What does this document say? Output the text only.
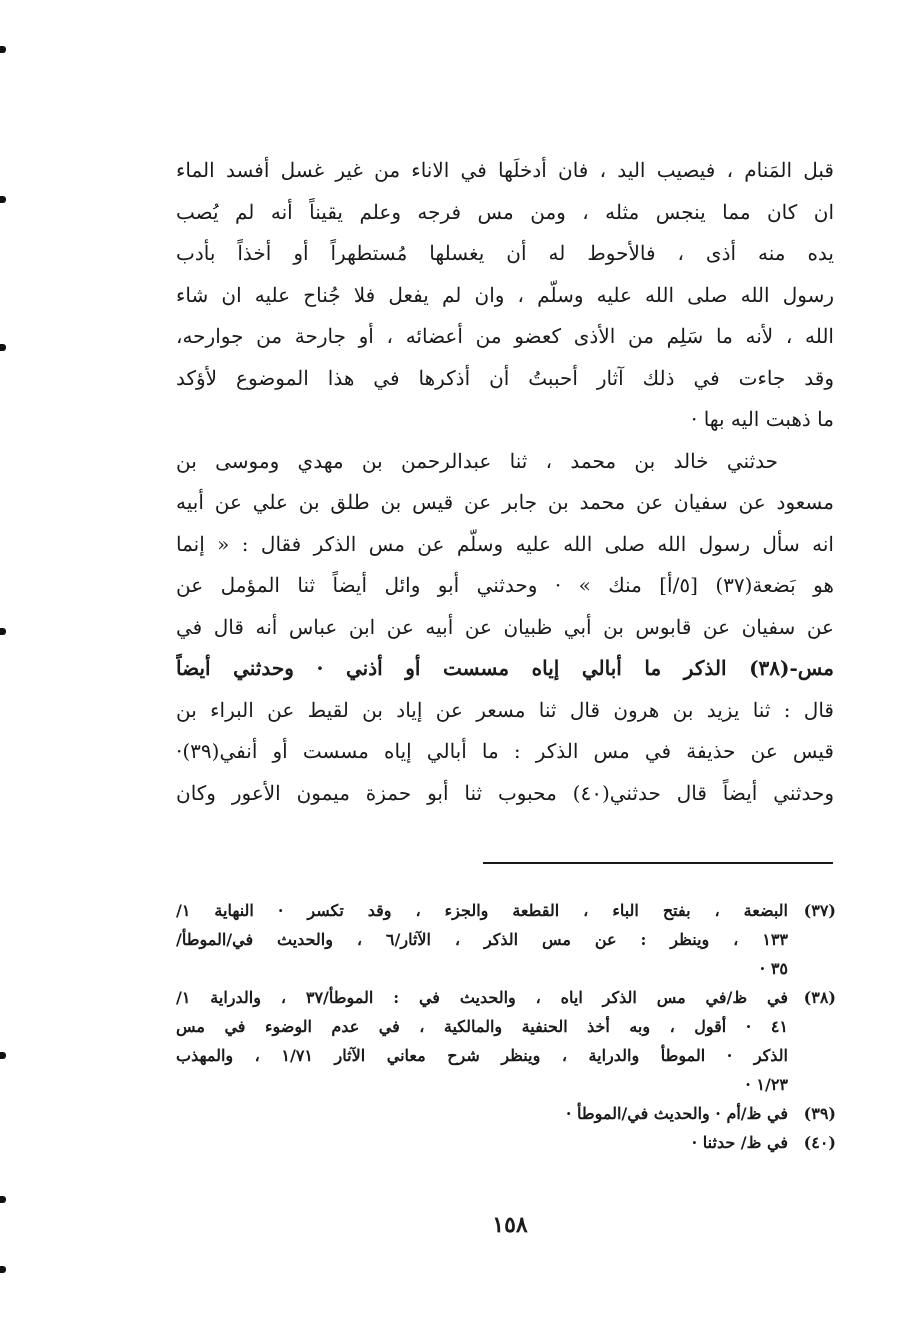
قبل المَنام ، فيصيب اليد ، فان أدخلَها في الاناء من غير غسل أفسد الماء
ان كان مما ينجس مثله ، ومن مس فرجه وعلم يقيناً أنه لم يُصب
يده منه أذى ، فالأحوط له أن يغسلها مُستطهراً أو أخذاً بأدب
رسول الله صلى الله عليه وسلّم ، وان لم يفعل فلا جُناح عليه ان شاء
الله ، لأنه ما سَلِم من الأذى كعضو من أعضائه ، أو جارحة من جوارحه،
وقد جاءت في ذلك آثار أحببتُ أن أذكرها في هذا الموضوع لأؤكد
ما ذهبت اليه بها ·
حدثني خالد بن محمد ، ثنا عبدالرحمن بن مهدي وموسى بن
مسعود عن سفيان عن محمد بن جابر عن قيس بن طلق بن علي عن أبيه
انه سأل رسول الله صلى الله عليه وسلّم عن مس الذكر فقال : « إنما
هو بَضعة(٣٧) [٥/أ] منك » · وحدثني أبو وائل أيضاً ثنا المؤمل عن
عن سفيان عن قابوس بن أبي ظبيان عن أبيه عن ابن عباس أنه قال في
مس-(٣٨) الذكر ما أبالي إياه مسست أو أذني · وحدثني أيضاً
قال : ثنا يزيد بن هرون قال ثنا مسعر عن إياد بن لقيط عن البراء بن
قيس عن حذيفة في مس الذكر : ما أبالي إياه مسست أو أنفي(٣٩)·
وحدثني أيضاً قال حدثني(٤٠) محبوب ثنا أبو حمزة ميمون الأعور وكان
(٣٧)
البضعة ، بفتح الباء ، القطعة والجزء ، وقد تكسر · النهاية ١/
١٣٣ ، وينظر : عن مس الذكر ، الآثار/٦ ، والحديث في/الموطأ/
٣٥ ·
(٣٨)
في ظ/في مس الذكر اياه ، والحديث في : الموطأ/٣٧ ، والدراية ١/
٤١ · أقول ، وبه أخذ الحنفية والمالكية ، في عدم الوضوء في مس
الذكر · الموطأ والدراية ، وينظر شرح معاني الآثار ١/٧١ ، والمهذب
١/٢٣ ·
(٣٩)
في ظ/أم · والحديث في/الموطأ ·
(٤٠)
في ظ/ حدثنا ·
١٥٨
